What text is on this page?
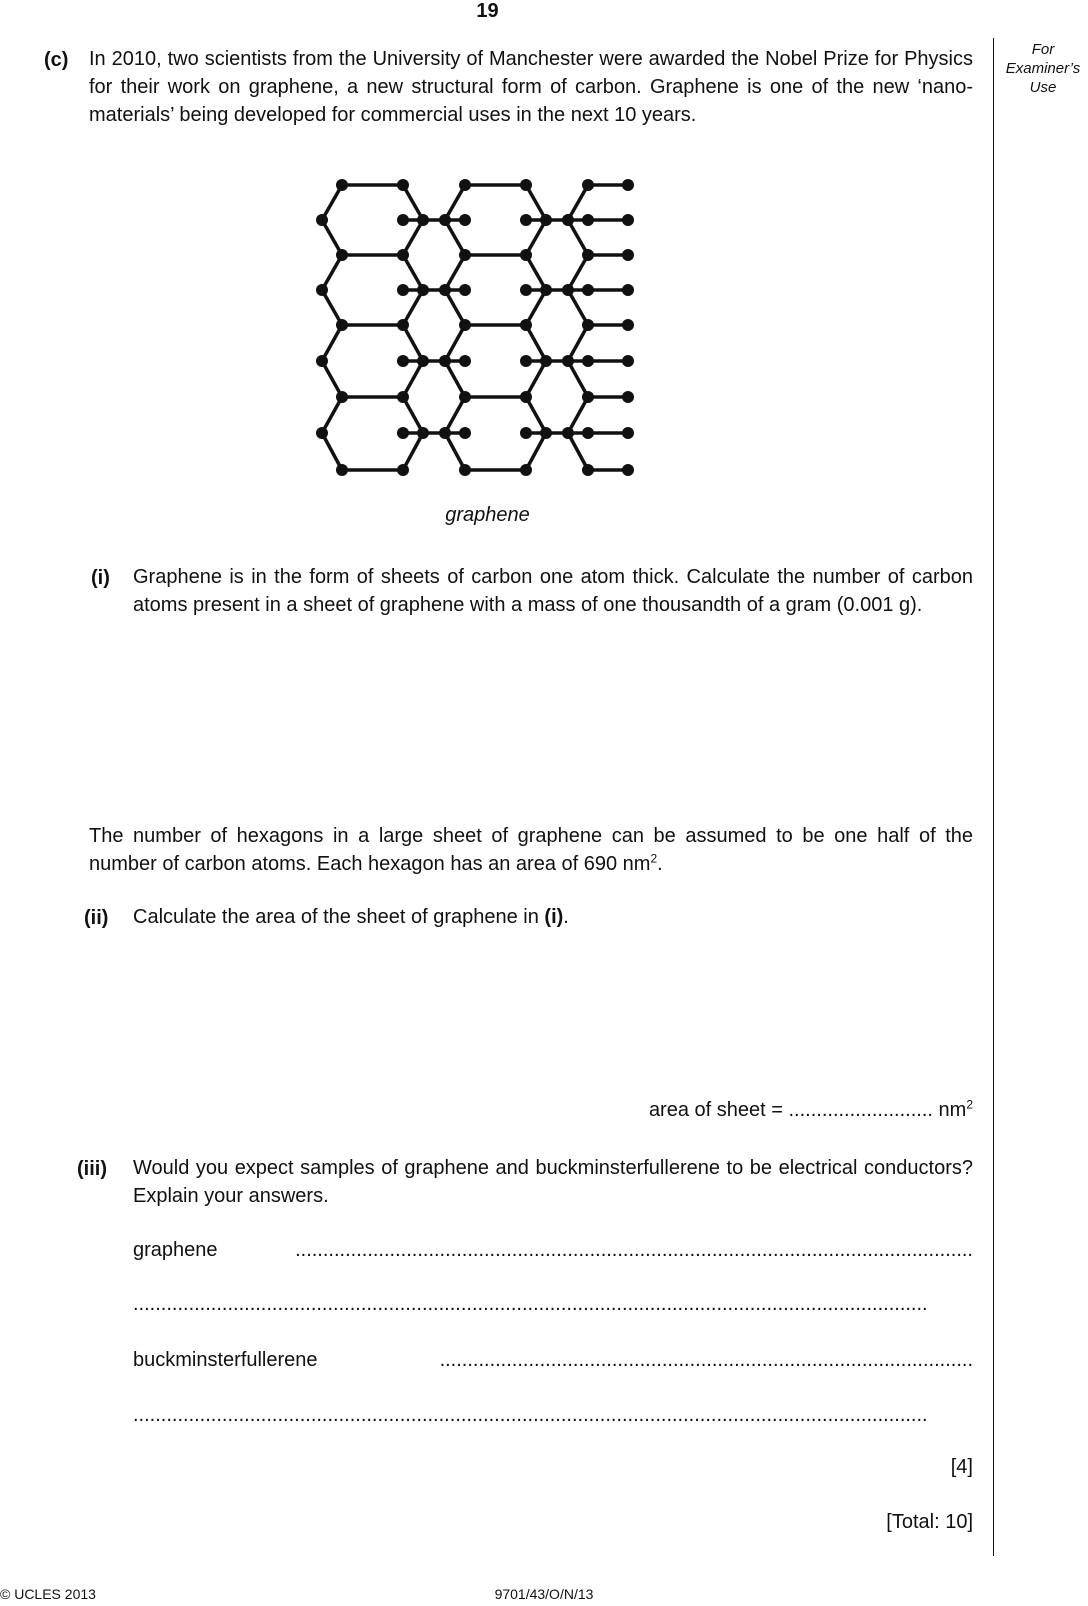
19
For
Examiner’s
Use
(c) In 2010, two scientists from the University of Manchester were awarded the Nobel Prize for Physics for their work on graphene, a new structural form of carbon. Graphene is one of the new ‘nano-materials’ being developed for commercial uses in the next 10 years.
graphene
(i) Graphene is in the form of sheets of carbon one atom thick. Calculate the number of carbon atoms present in a sheet of graphene with a mass of one thousandth of a gram (0.001 g).
The number of hexagons in a large sheet of graphene can be assumed to be one half of the number of carbon atoms. Each hexagon has an area of 690 $nm^2$.
(ii) Calculate the area of the sheet of graphene in (i).
area of sheet = .......................... $nm^2$
(iii) Would you expect samples of graphene and buckminsterfullerene to be electrical conductors? Explain your answers.
graphene	..........................................................................................................................
...............................................................................................................................................
buckminsterfullerene	................................................................................................
...............................................................................................................................................
[4]
[Total: 10]
© UCLES 2013	9701/43/O/N/13
